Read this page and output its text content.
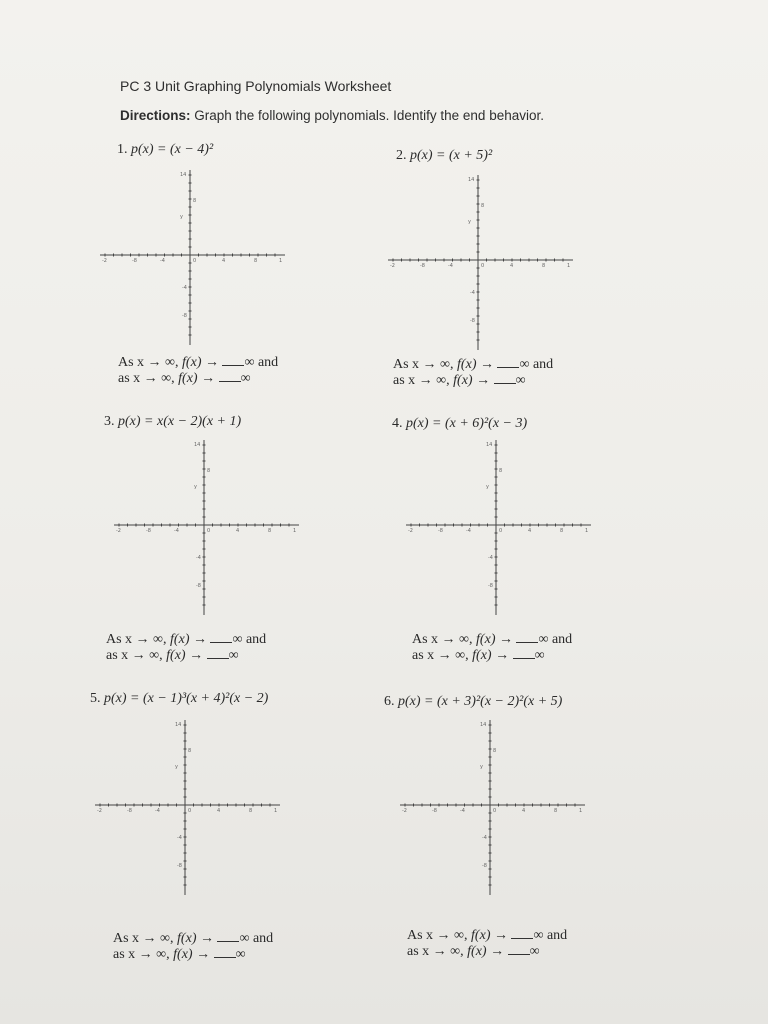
PC 3 Unit Graphing Polynomials Worksheet
Directions: Graph the following polynomials. Identify the end behavior.
1. p(x) = (x − 4)²
-2	-8	-4	0	4	8	1
14
8
y
-4
-8
As x → ∞, f(x) → ∞ and
as x → ∞, f(x) → ∞
2. p(x) = (x + 5)²
-2	-8	-4	0	4	8	1
14
8
y
-4
-8
As x → ∞, f(x) → ∞ and
as x → ∞, f(x) → ∞
3. p(x) = x(x − 2)(x + 1)
-2	-8	-4	0	4	8	1
14
8
y
-4
-8
As x → ∞, f(x) → ∞ and
as x → ∞, f(x) → ∞
4. p(x) = (x + 6)²(x − 3)
-2	-8	-4	0	4	8	1
14
8
y
-4
-8
As x → ∞, f(x) → ∞ and
as x → ∞, f(x) → ∞
5. p(x) = (x − 1)³(x + 4)²(x − 2)
-2	-8	-4	0	4	8	1
14
8
y
-4
-8
As x → ∞, f(x) → ∞ and
as x → ∞, f(x) → ∞
6. p(x) = (x + 3)²(x − 2)²(x + 5)
-2	-8	-4	0	4	8	1
14
8
y
-4
-8
As x → ∞, f(x) → ∞ and
as x → ∞, f(x) → ∞
